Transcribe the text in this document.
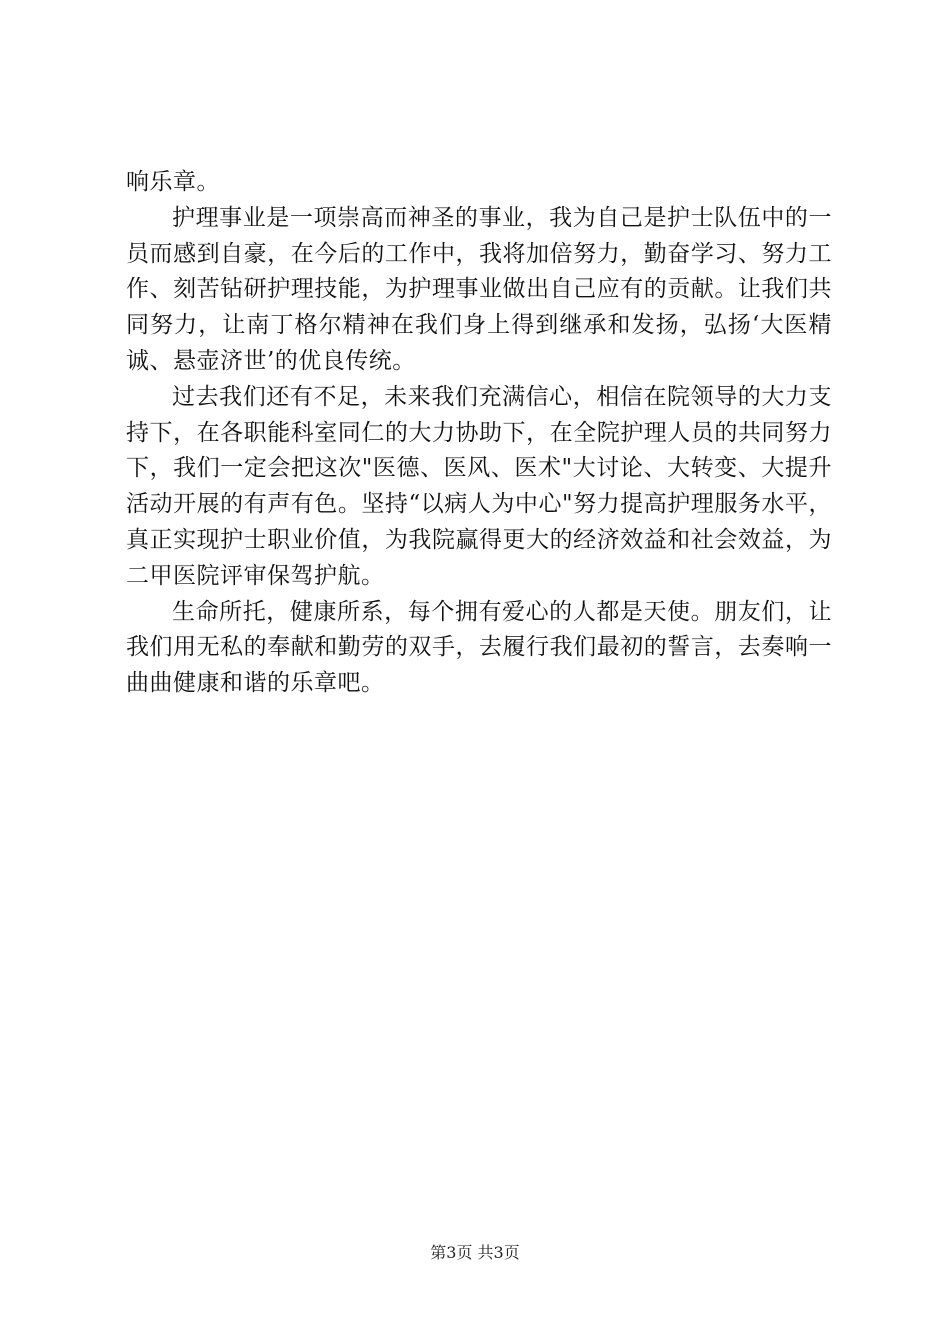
响乐章。

护理事业是一项崇高而神圣的事业，我为自己是护士队伍中的一员而感到自豪，在今后的工作中，我将加倍努力，勤奋学习、努力工作、刻苦钻研护理技能，为护理事业做出自己应有的贡献。让我们共同努力，让南丁格尔精神在我们身上得到继承和发扬，弘扬‘大医精诚、悬壶济世’的优良传统。

过去我们还有不足，未来我们充满信心，相信在院领导的大力支持下，在各职能科室同仁的大力协助下，在全院护理人员的共同努力下，我们一定会把这次"医德、医风、医术"大讨论、大转变、大提升活动开展的有声有色。坚持“以病人为中心"努力提高护理服务水平，真正实现护士职业价值，为我院赢得更大的经济效益和社会效益，为二甲医院评审保驾护航。

生命所托，健康所系，每个拥有爱心的人都是天使。朋友们，让我们用无私的奉献和勤劳的双手，去履行我们最初的誓言，去奏响一曲曲健康和谐的乐章吧。

第3页 共3页
